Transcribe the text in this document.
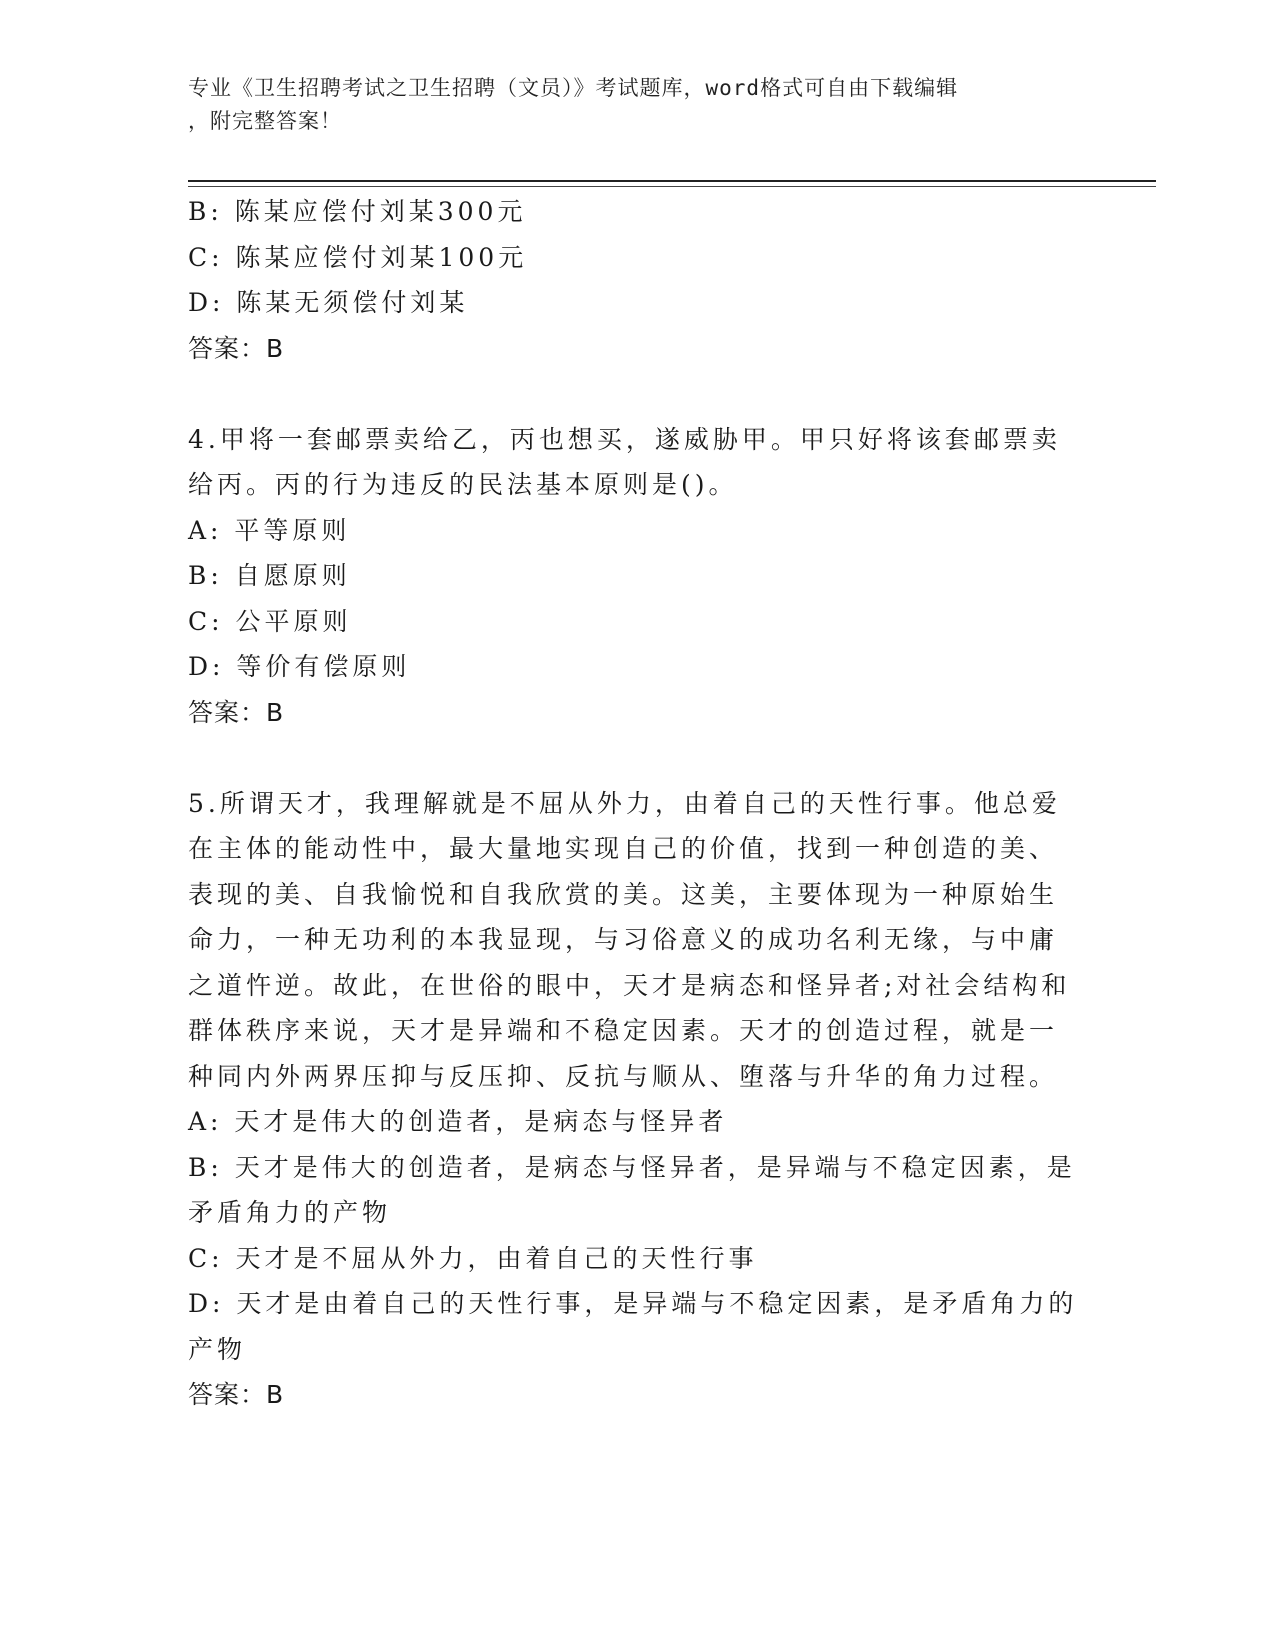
专业《卫生招聘考试之卫生招聘（文员）》考试题库，word格式可自由下载编辑
，附完整答案！
B: 陈某应偿付刘某300元
C: 陈某应偿付刘某100元
D: 陈某无须偿付刘某
答案：B
4.甲将一套邮票卖给乙，丙也想买，遂威胁甲。甲只好将该套邮票卖
给丙。丙的行为违反的民法基本原则是()。
A: 平等原则
B: 自愿原则
C: 公平原则
D: 等价有偿原则
答案：B
5.所谓天才，我理解就是不屈从外力，由着自己的天性行事。他总爱
在主体的能动性中，最大量地实现自己的价值，找到一种创造的美、
表现的美、自我愉悦和自我欣赏的美。这美，主要体现为一种原始生
命力，一种无功利的本我显现，与习俗意义的成功名利无缘，与中庸
之道忤逆。故此，在世俗的眼中，天才是病态和怪异者;对社会结构和
群体秩序来说，天才是异端和不稳定因素。天才的创造过程，就是一
种同内外两界压抑与反压抑、反抗与顺从、堕落与升华的角力过程。
A: 天才是伟大的创造者，是病态与怪异者
B: 天才是伟大的创造者，是病态与怪异者，是异端与不稳定因素，是
矛盾角力的产物
C: 天才是不屈从外力，由着自己的天性行事
D: 天才是由着自己的天性行事，是异端与不稳定因素，是矛盾角力的
产物
答案：B
